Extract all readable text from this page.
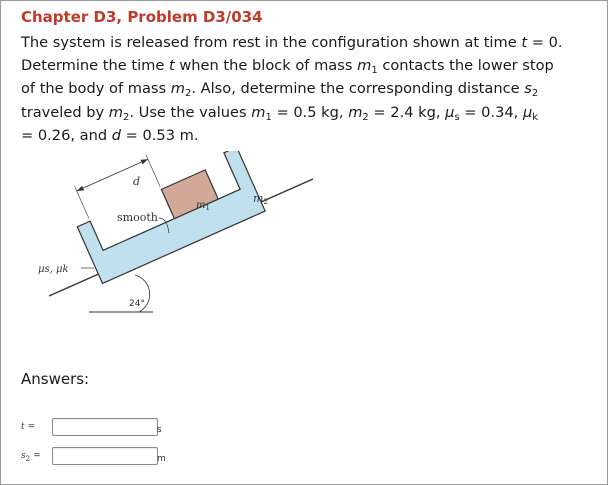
Chapter D3, Problem D3/034
The system is released from rest in the configuration shown at time t = 0.
Determine the time t when the block of mass $m_1$ contacts the lower stop
of the body of mass $m_2$. Also, determine the corresponding distance $s_2$
traveled by $m_2$. Use the values $m_1 = 0.5$ kg, $m_2 = 2.4$ kg, $\mu_s = 0.34$, $\mu_k$
= 0.26, and d = 0.53 m.
24°
d
smooth
$m_1$
m2
μs, μk
Answers:
t =	s
$s_2$ =	m
